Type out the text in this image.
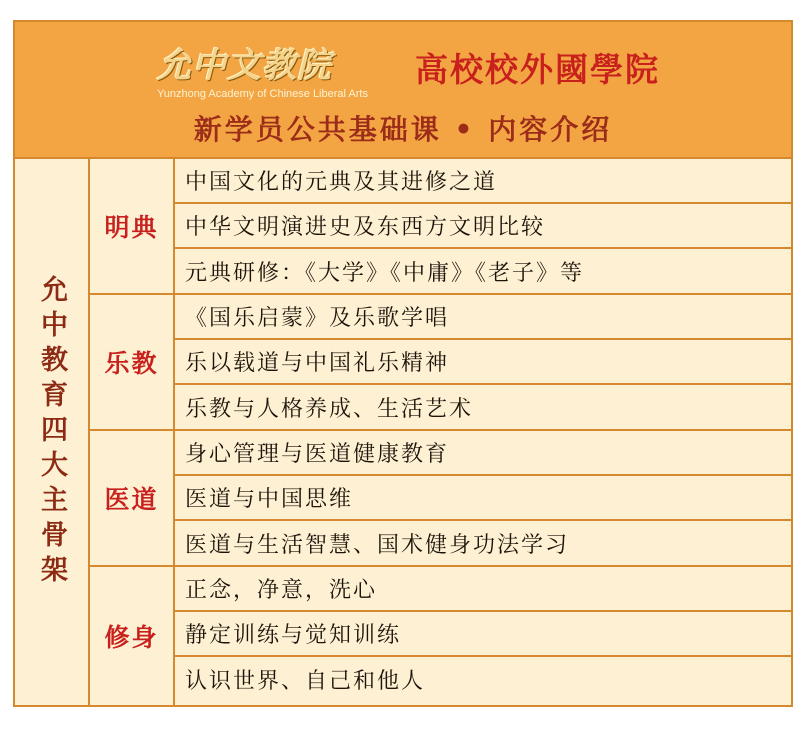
允中文教院
Yunzhong Academy of Chinese Liberal Arts
高校校外國學院
新学员公共基础课 • 内容介绍
允中教育四大主骨架
明典
中国文化的元典及其进修之道
中华文明演进史及东西方文明比较
元典研修：《大学》《中庸》《老子》等
乐教
《国乐启蒙》及乐歌学唱
乐以载道与中国礼乐精神
乐教与人格养成、生活艺术
医道
身心管理与医道健康教育
医道与中国思维
医道与生活智慧、国术健身功法学习
修身
正念，净意，洗心
静定训练与觉知训练
认识世界、自己和他人
